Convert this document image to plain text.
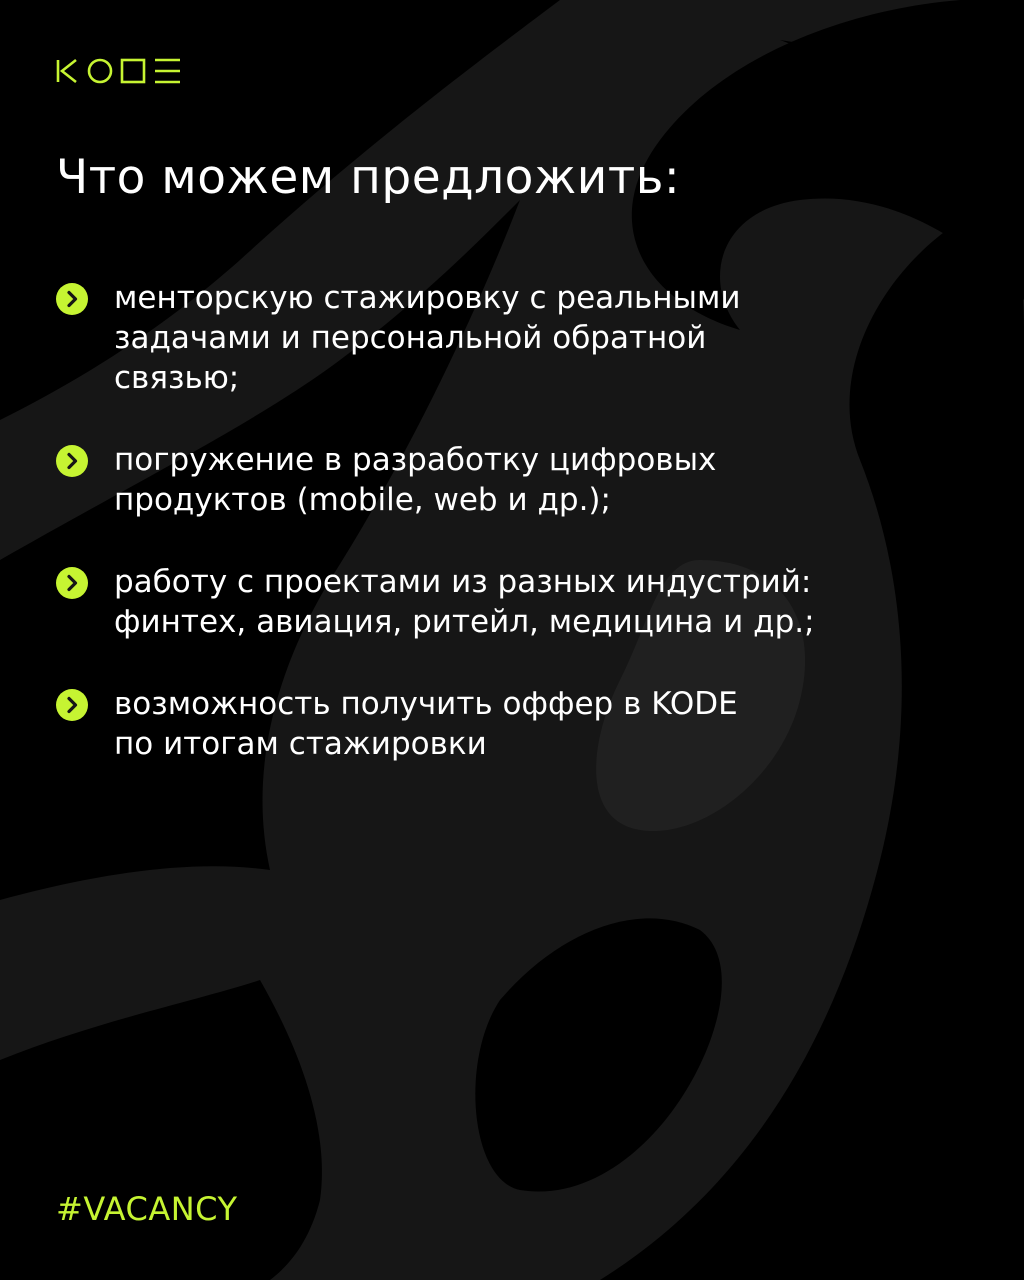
Что можем предложить:
менторскую стажировку с реальными
задачами и персональной обратной
связью;
погружение в разработку цифровых
продуктов (mobile, web и др.);
работу с проектами из разных индустрий:
финтех, авиация, ритейл, медицина и др.;
возможность получить оффер в KODE
по итогам стажировки
#VACANCY
